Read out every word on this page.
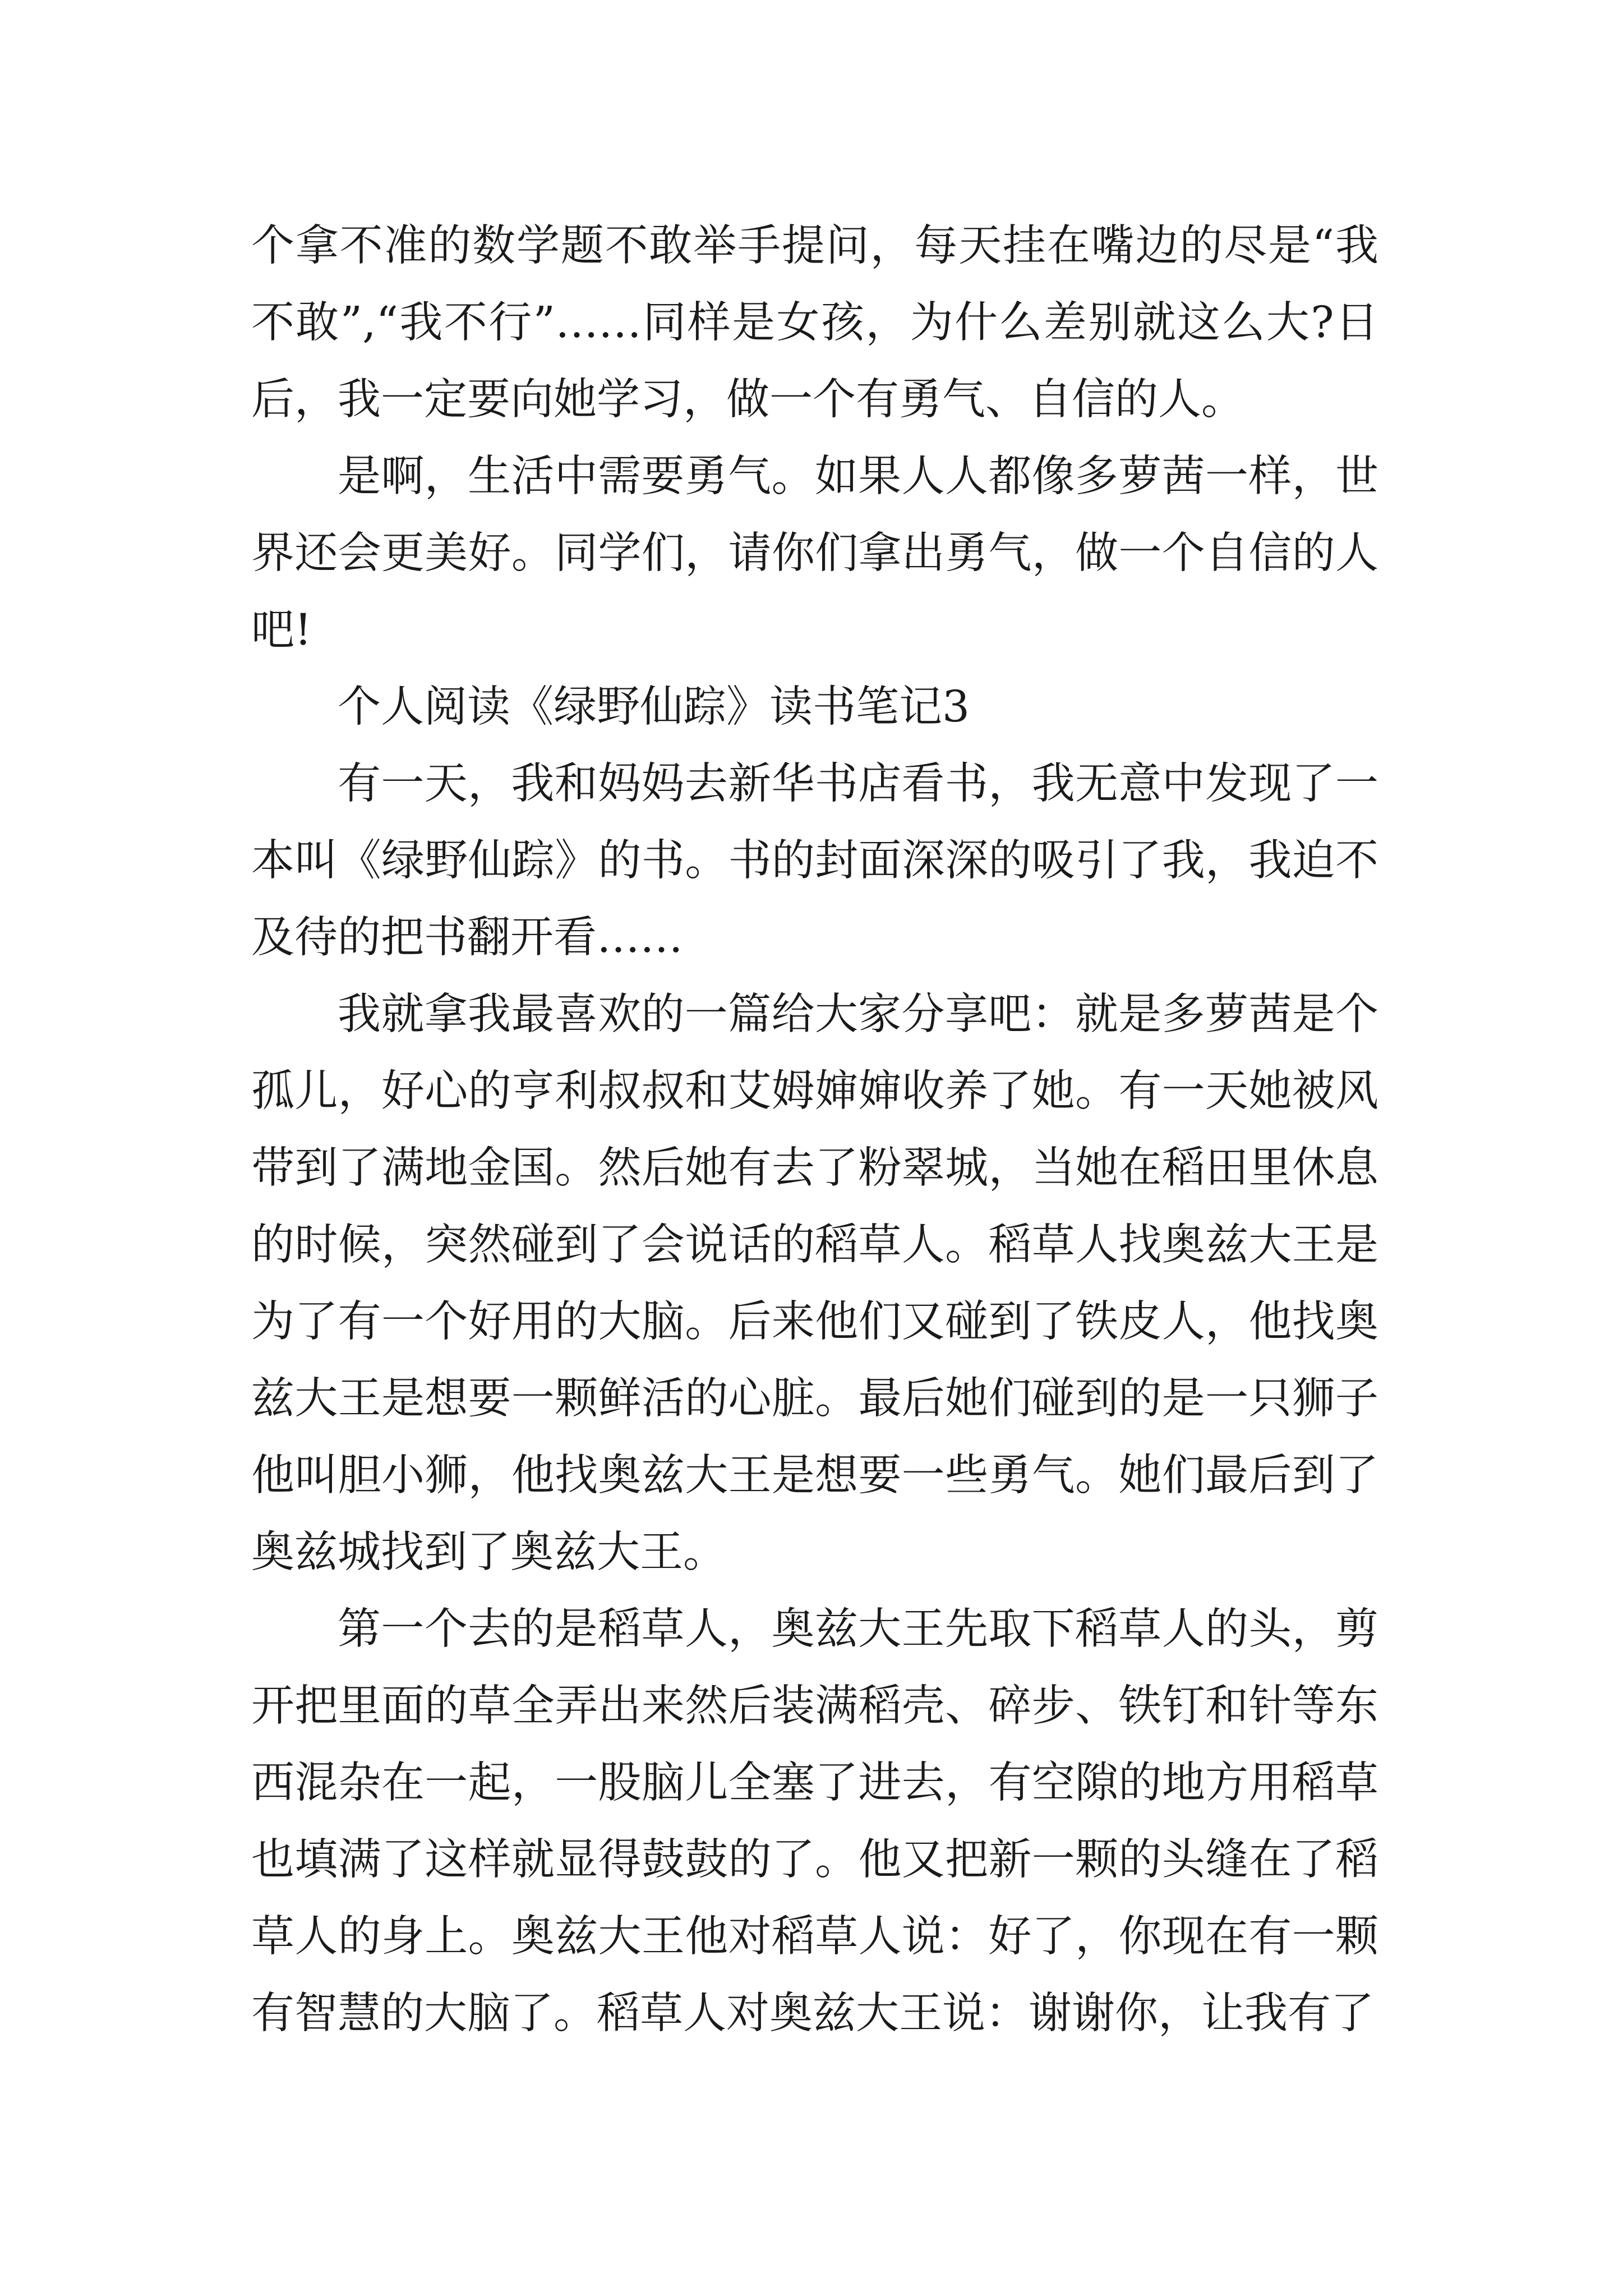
个拿不准的数学题不敢举手提问，每天挂在嘴边的尽是“我不敢”,“我不行”……同样是女孩，为什么差别就这么大?日后，我一定要向她学习，做一个有勇气、自信的人。

是啊，生活中需要勇气。如果人人都像多萝茜一样，世界还会更美好。同学们，请你们拿出勇气，做一个自信的人吧!

个人阅读《绿野仙踪》读书笔记3

有一天，我和妈妈去新华书店看书，我无意中发现了一本叫《绿野仙踪》的书。书的封面深深的吸引了我，我迫不及待的把书翻开看……

我就拿我最喜欢的一篇给大家分享吧：就是多萝茜是个孤儿，好心的亨利叔叔和艾姆婶婶收养了她。有一天她被风带到了满地金国。然后她有去了粉翠城，当她在稻田里休息的时候，突然碰到了会说话的稻草人。稻草人找奥兹大王是为了有一个好用的大脑。后来他们又碰到了铁皮人，他找奥兹大王是想要一颗鲜活的心脏。最后她们碰到的是一只狮子他叫胆小狮，他找奥兹大王是想要一些勇气。她们最后到了奥兹城找到了奥兹大王。

第一个去的是稻草人，奥兹大王先取下稻草人的头，剪开把里面的草全弄出来然后装满稻壳、碎步、铁钉和针等东西混杂在一起，一股脑儿全塞了进去，有空隙的地方用稻草也填满了这样就显得鼓鼓的了。他又把新一颗的头缝在了稻草人的身上。奥兹大王他对稻草人说：好了，你现在有一颗有智慧的大脑了。稻草人对奥兹大王说：谢谢你，让我有了
